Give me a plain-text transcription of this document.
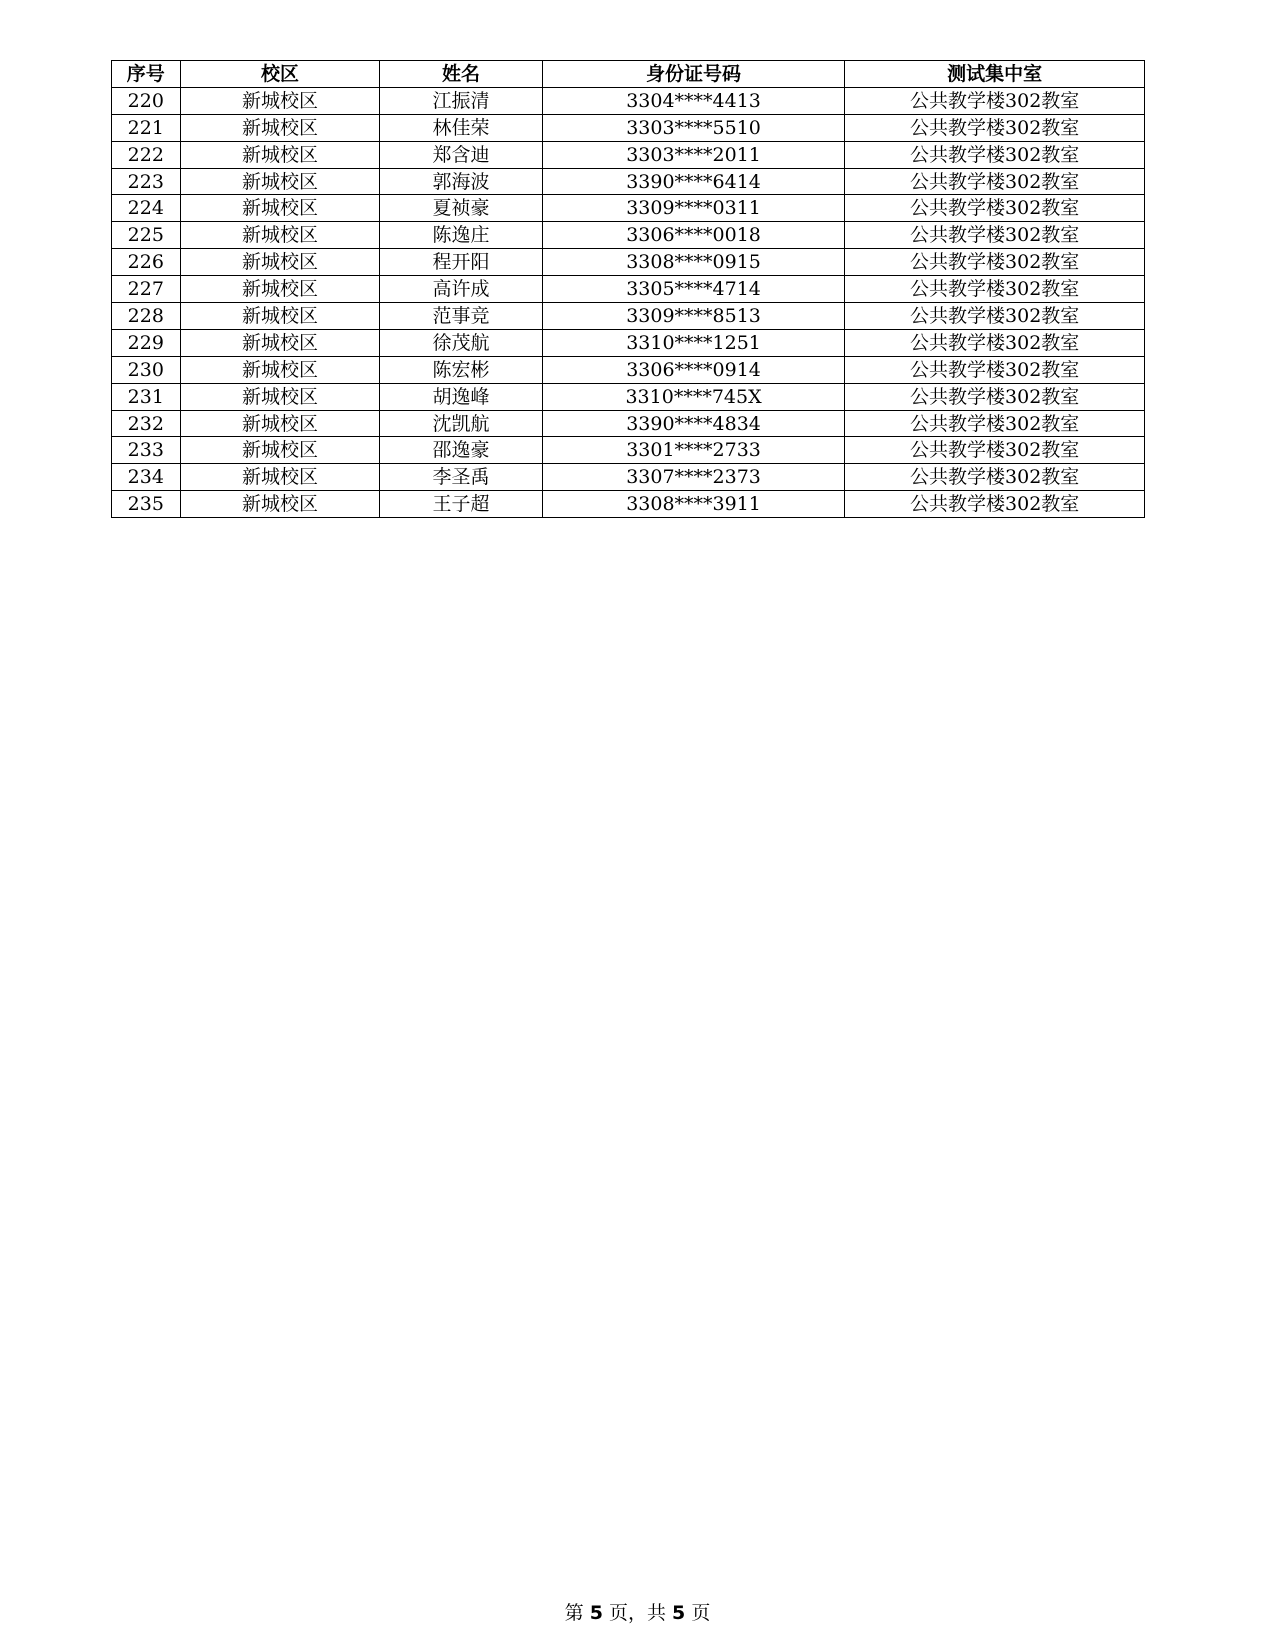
序号	校区	姓名	身份证号码	测试集中室
220	新城校区	江振清	3304****4413	公共教学楼302教室
221	新城校区	林佳荣	3303****5510	公共教学楼302教室
222	新城校区	郑含迪	3303****2011	公共教学楼302教室
223	新城校区	郭海波	3390****6414	公共教学楼302教室
224	新城校区	夏祯豪	3309****0311	公共教学楼302教室
225	新城校区	陈逸庄	3306****0018	公共教学楼302教室
226	新城校区	程开阳	3308****0915	公共教学楼302教室
227	新城校区	高许成	3305****4714	公共教学楼302教室
228	新城校区	范事竞	3309****8513	公共教学楼302教室
229	新城校区	徐茂航	3310****1251	公共教学楼302教室
230	新城校区	陈宏彬	3306****0914	公共教学楼302教室
231	新城校区	胡逸峰	3310****745X	公共教学楼302教室
232	新城校区	沈凯航	3390****4834	公共教学楼302教室
233	新城校区	邵逸豪	3301****2733	公共教学楼302教室
234	新城校区	李圣禹	3307****2373	公共教学楼302教室
235	新城校区	王子超	3308****3911	公共教学楼302教室
第 5 页，共 5 页
